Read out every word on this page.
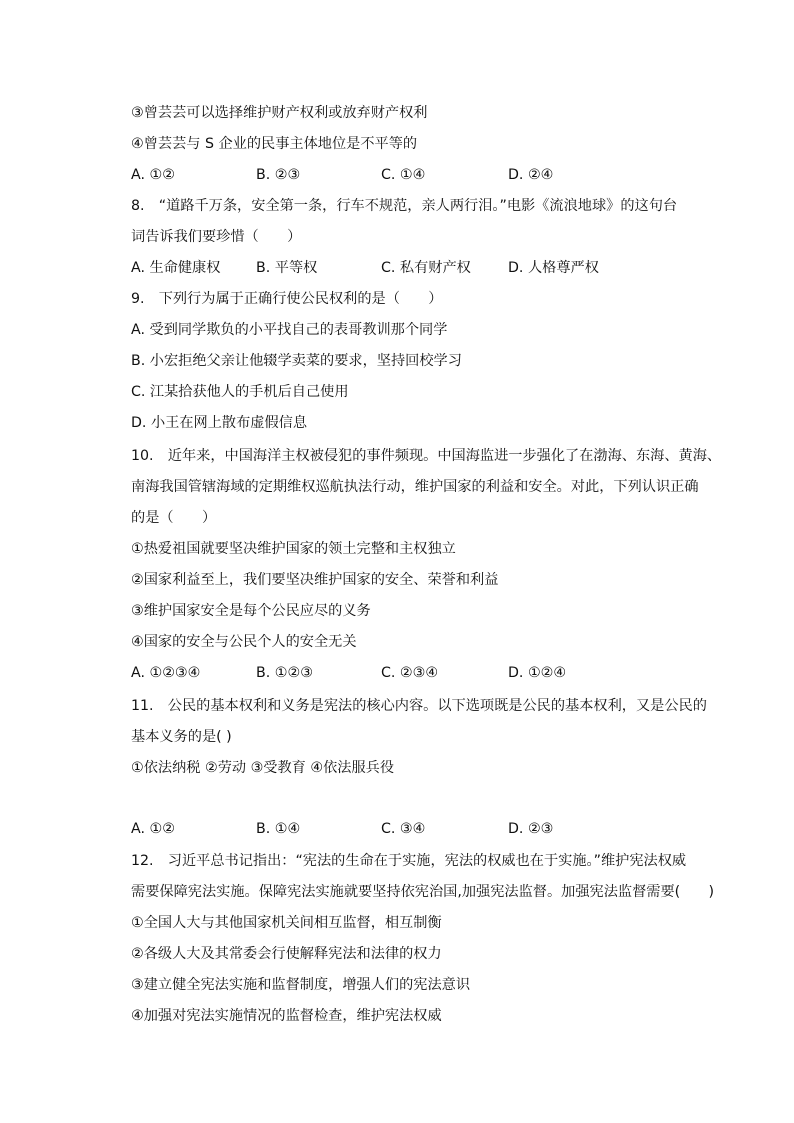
③曾芸芸可以选择维护财产权利或放弃财产权利
④曾芸芸与 S 企业的民事主体地位是不平等的
A. ①②	B. ②③	C. ①④	D. ②④
8.　“道路千万条，安全第一条，行车不规范，亲人两行泪。”电影《流浪地球》的这句台
词告诉我们要珍惜（　　）
A. 生命健康权	B. 平等权	C. 私有财产权	D. 人格尊严权
9.　下列行为属于正确行使公民权利的是（　　）
A. 受到同学欺负的小平找自己的表哥教训那个同学
B. 小宏拒绝父亲让他辍学卖菜的要求，坚持回校学习
C. 江某拾获他人的手机后自己使用
D. 小王在网上散布虚假信息
10.　近年来，中国海洋主权被侵犯的事件频现。中国海监进一步强化了在渤海、东海、黄海、
南海我国管辖海域的定期维权巡航执法行动，维护国家的利益和安全。对此，下列认识正确
的是（　　）
①热爱祖国就要坚决维护国家的领土完整和主权独立
②国家利益至上，我们要坚决维护国家的安全、荣誉和利益
③维护国家安全是每个公民应尽的义务
④国家的安全与公民个人的安全无关
A. ①②③④	B. ①②③	C. ②③④	D. ①②④
11.　公民的基本权利和义务是宪法的核心内容。以下选项既是公民的基本权利，又是公民的
基本义务的是( )
①依法纳税 ②劳动 ③受教育 ④依法服兵役
A. ①②	B. ①④	C. ③④	D. ②③
12.　习近平总书记指出：“宪法的生命在于实施，宪法的权威也在于实施。”维护宪法权威
需要保障宪法实施。保障宪法实施就要坚持依宪治国,加强宪法监督。加强宪法监督需要(　　)
①全国人大与其他国家机关间相互监督，相互制衡
②各级人大及其常委会行使解释宪法和法律的权力
③建立健全宪法实施和监督制度，增强人们的宪法意识
④加强对宪法实施情况的监督检查，维护宪法权威
